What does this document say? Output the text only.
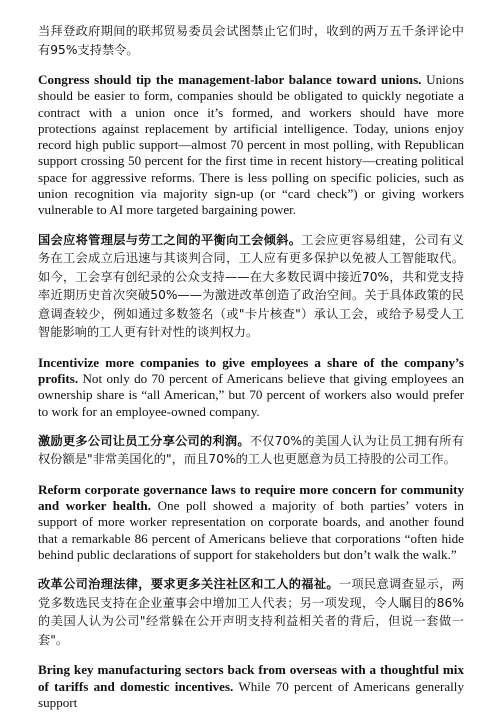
当拜登政府期间的联邦贸易委员会试图禁止它们时，收到的两万五千条评论中有95%支持禁令。

Congress should tip the management-labor balance toward unions. Unions should be easier to form, companies should be obligated to quickly negotiate a contract with a union once it’s formed, and workers should have more protections against replacement by artificial intelligence. Today, unions enjoy record high public support—almost 70 percent in most polling, with Republican support crossing 50 percent for the first time in recent history—creating political space for aggressive reforms. There is less polling on specific policies, such as union recognition via majority sign-up (or “card check”) or giving workers vulnerable to AI more targeted bargaining power.

国会应将管理层与劳工之间的平衡向工会倾斜。工会应更容易组建，公司有义务在工会成立后迅速与其谈判合同，工人应有更多保护以免被人工智能取代。如今，工会享有创纪录的公众支持——在大多数民调中接近70%，共和党支持率近期历史首次突破50%——为激进改革创造了政治空间。关于具体政策的民意调查较少，例如通过多数签名（或"卡片核查"）承认工会，或给予易受人工智能影响的工人更有针对性的谈判权力。

Incentivize more companies to give employees a share of the company’s profits. Not only do 70 percent of Americans believe that giving employees an ownership share is “all American,” but 70 percent of workers also would prefer to work for an employee-owned company.

激励更多公司让员工分享公司的利润。不仅70%的美国人认为让员工拥有所有权份额是"非常美国化的"，而且70%的工人也更愿意为员工持股的公司工作。

Reform corporate governance laws to require more concern for community and worker health. One poll showed a majority of both parties’ voters in support of more worker representation on corporate boards, and another found that a remarkable 86 percent of Americans believe that corporations “often hide behind public declarations of support for stakeholders but don’t walk the walk.”

改革公司治理法律，要求更多关注社区和工人的福祉。一项民意调查显示，两党多数选民支持在企业董事会中增加工人代表；另一项发现，令人瞩目的86%的美国人认为公司"经常躲在公开声明支持利益相关者的背后，但说一套做一套"。

Bring key manufacturing sectors back from overseas with a thoughtful mix of tariffs and domestic incentives. While 70 percent of Americans generally support
